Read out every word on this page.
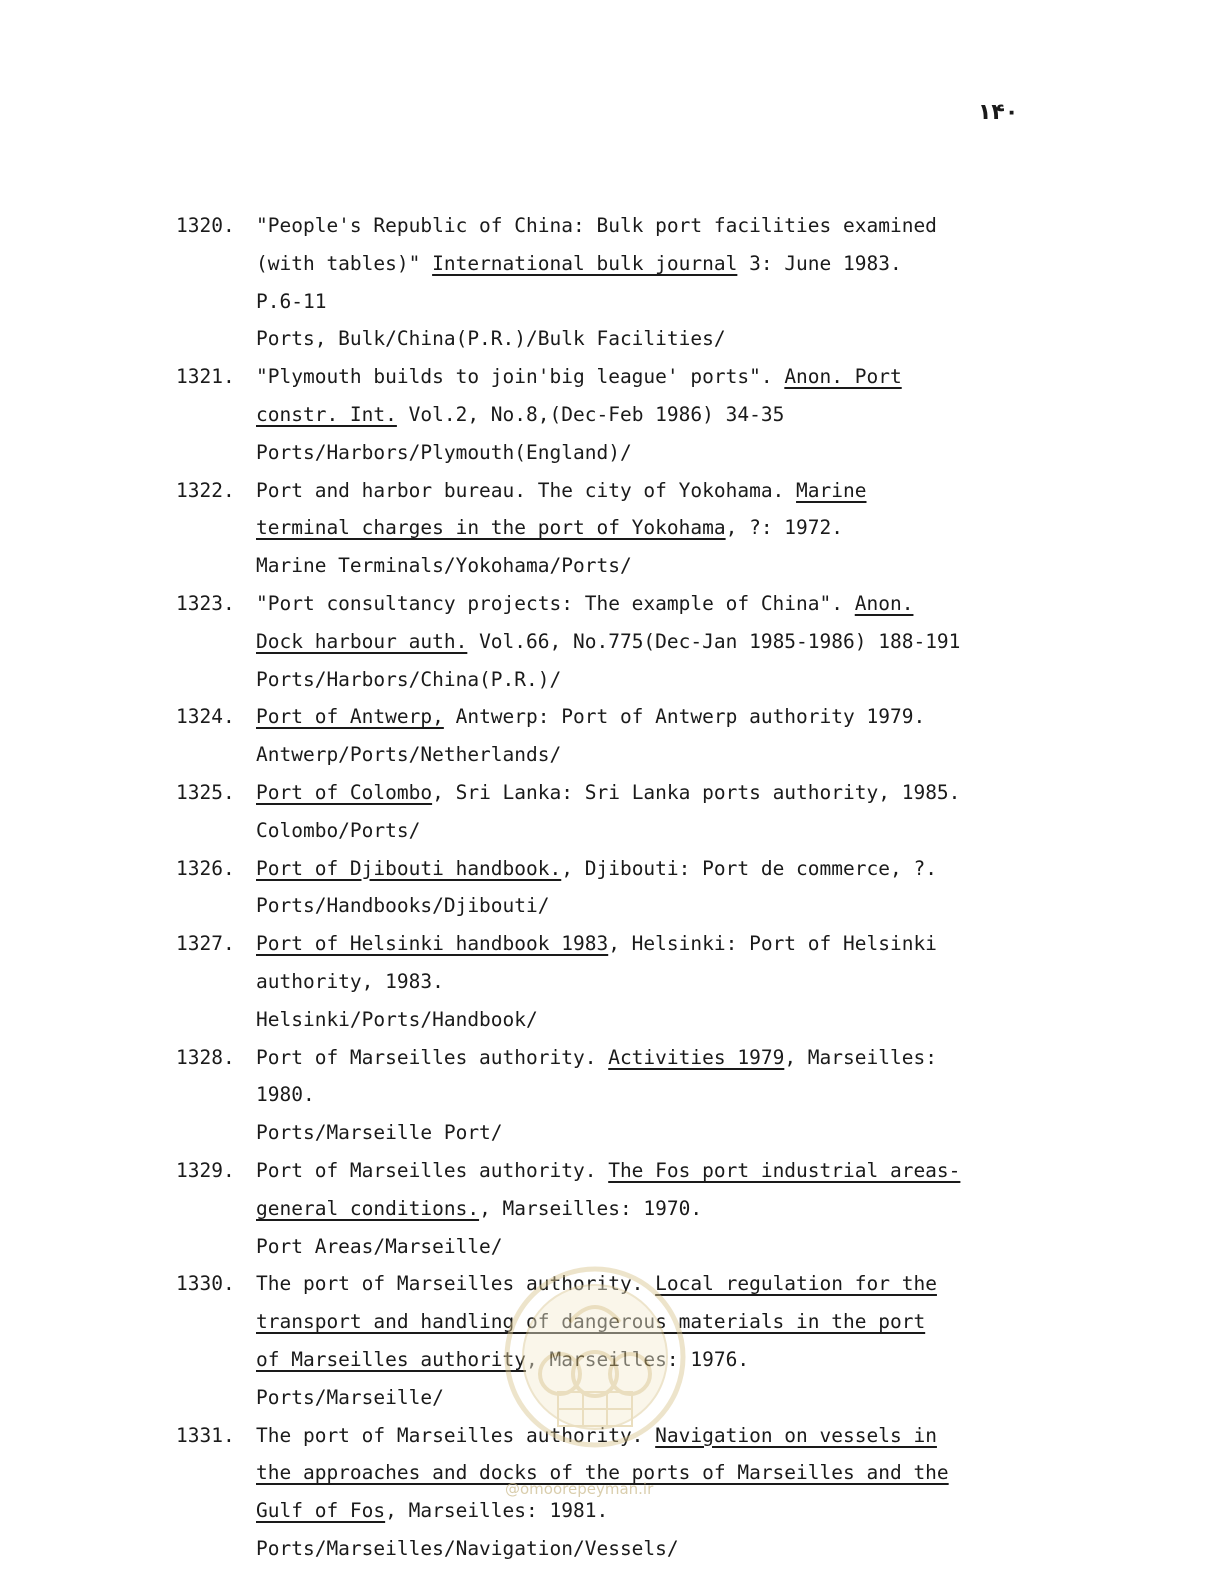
۱۴۰
1320. "People's Republic of China: Bulk port facilities examined
(with tables)" International bulk journal 3: June 1983.
P.6-11
Ports, Bulk/China(P.R.)/Bulk Facilities/
1321. "Plymouth builds to join'big league' ports". Anon. Port
constr. Int. Vol.2, No.8,(Dec-Feb 1986) 34-35
Ports/Harbors/Plymouth(England)/
1322. Port and harbor bureau. The city of Yokohama. Marine
terminal charges in the port of Yokohama, ?: 1972.
Marine Terminals/Yokohama/Ports/
1323. "Port consultancy projects: The example of China". Anon.
Dock harbour auth. Vol.66, No.775(Dec-Jan 1985-1986) 188-191
Ports/Harbors/China(P.R.)/
1324. Port of Antwerp, Antwerp: Port of Antwerp authority 1979.
Antwerp/Ports/Netherlands/
1325. Port of Colombo, Sri Lanka: Sri Lanka ports authority, 1985.
Colombo/Ports/
1326. Port of Djibouti handbook., Djibouti: Port de commerce, ?.
Ports/Handbooks/Djibouti/
1327. Port of Helsinki handbook 1983, Helsinki: Port of Helsinki
authority, 1983.
Helsinki/Ports/Handbook/
1328. Port of Marseilles authority. Activities 1979, Marseilles:
1980.
Ports/Marseille Port/
1329. Port of Marseilles authority. The Fos port industrial areas-
general conditions., Marseilles: 1970.
Port Areas/Marseille/
1330. The port of Marseilles authority. Local regulation for the
transport and handling of dangerous materials in the port
of Marseilles authority, Marseilles: 1976.
Ports/Marseille/
1331. The port of Marseilles authority. Navigation on vessels in
the approaches and docks of the ports of Marseilles and the
Gulf of Fos, Marseilles: 1981.
Ports/Marseilles/Navigation/Vessels/
@omoorepeyman.ir
